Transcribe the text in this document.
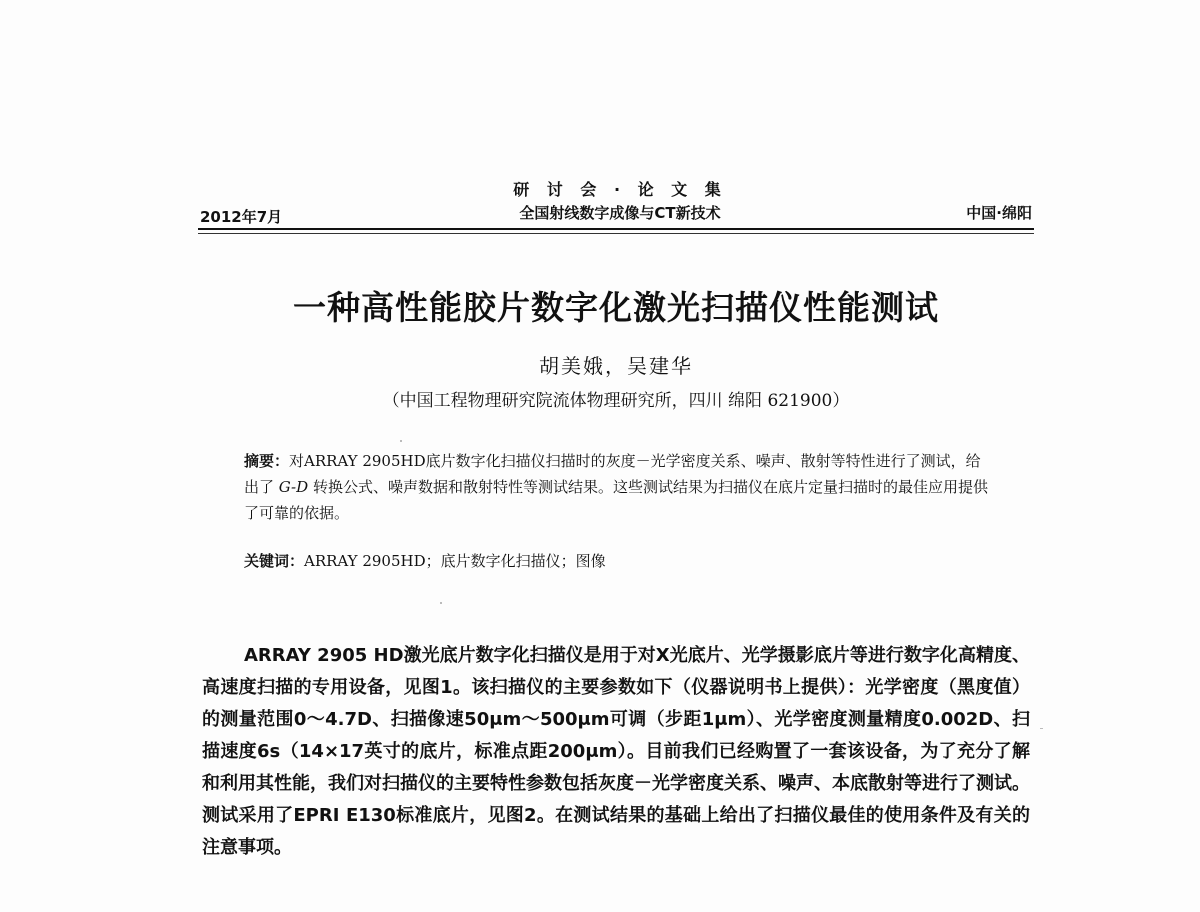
研 讨 会 · 论 文 集
全国射线数字成像与CT新技术
2012年7月	中国·绵阳
一种高性能胶片数字化激光扫描仪性能测试
胡美娥，吴建华
（中国工程物理研究院流体物理研究所，四川 绵阳 621900）
摘要：对ARRAY 2905HD底片数字化扫描仪扫描时的灰度－光学密度关系、噪声、散射等特性进行了测试，给出了 G-D 转换公式、噪声数据和散射特性等测试结果。这些测试结果为扫描仪在底片定量扫描时的最佳应用提供了可靠的依据。
关键词：ARRAY 2905HD；底片数字化扫描仪；图像
ARRAY 2905 HD激光底片数字化扫描仪是用于对X光底片、光学摄影底片等进行数字化高精度、高速度扫描的专用设备，见图1。该扫描仪的主要参数如下（仪器说明书上提供）：光学密度（黑度值）的测量范围0～4.7D、扫描像速50μm～500μm可调（步距1μm）、光学密度测量精度0.002D、扫描速度6s（14×17英寸的底片，标准点距200μm）。目前我们已经购置了一套该设备，为了充分了解和利用其性能，我们对扫描仪的主要特性参数包括灰度－光学密度关系、噪声、本底散射等进行了测试。测试采用了EPRI E130标准底片，见图2。在测试结果的基础上给出了扫描仪最佳的使用条件及有关的注意事项。
